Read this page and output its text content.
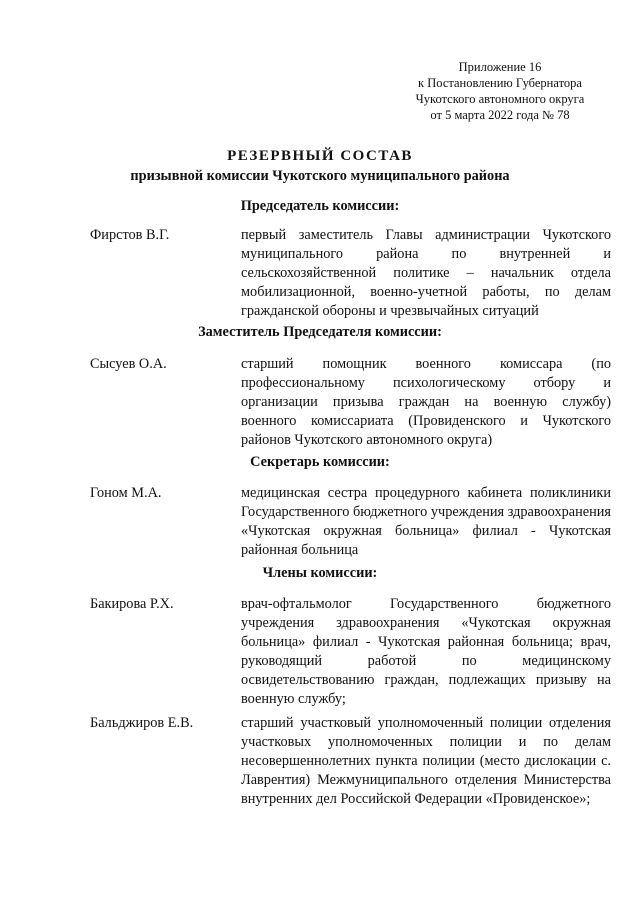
Приложение 16
к Постановлению Губернатора
Чукотского автономного округа
от 5 марта 2022 года № 78
РЕЗЕРВНЫЙ СОСТАВ
призывной комиссии Чукотского муниципального района
Председатель комиссии:
Фирстов В.Г.	первый заместитель Главы администрации Чукотского муниципального района по внутренней и сельскохозяйственной политике – начальник отдела мобилизационной, военно-учетной работы, по делам гражданской обороны и чрезвычайных ситуаций
Заместитель Председателя комиссии:
Сысуев О.А.	старший помощник военного комиссара (по профессиональному психологическому отбору и организации призыва граждан на военную службу) военного комиссариата (Провиденского и Чукотского районов Чукотского автономного округа)
Секретарь комиссии:
Гоном М.А.	медицинская сестра процедурного кабинета поликлиники Государственного бюджетного учреждения здравоохранения «Чукотская окружная больница» филиал - Чукотская районная больница
Члены комиссии:
Бакирова Р.Х.	врач-офтальмолог Государственного бюджетного учреждения здравоохранения «Чукотская окружная больница» филиал - Чукотская районная больница; врач, руководящий работой по медицинскому освидетельствованию граждан, подлежащих призыву на военную службу;
Бальджиров Е.В.	старший участковый уполномоченный полиции отделения участковых уполномоченных полиции и по делам несовершеннолетних пункта полиции (место дислокации с. Лаврентия) Межмуниципального отделения Министерства внутренних дел Российской Федерации «Провиденское»;
